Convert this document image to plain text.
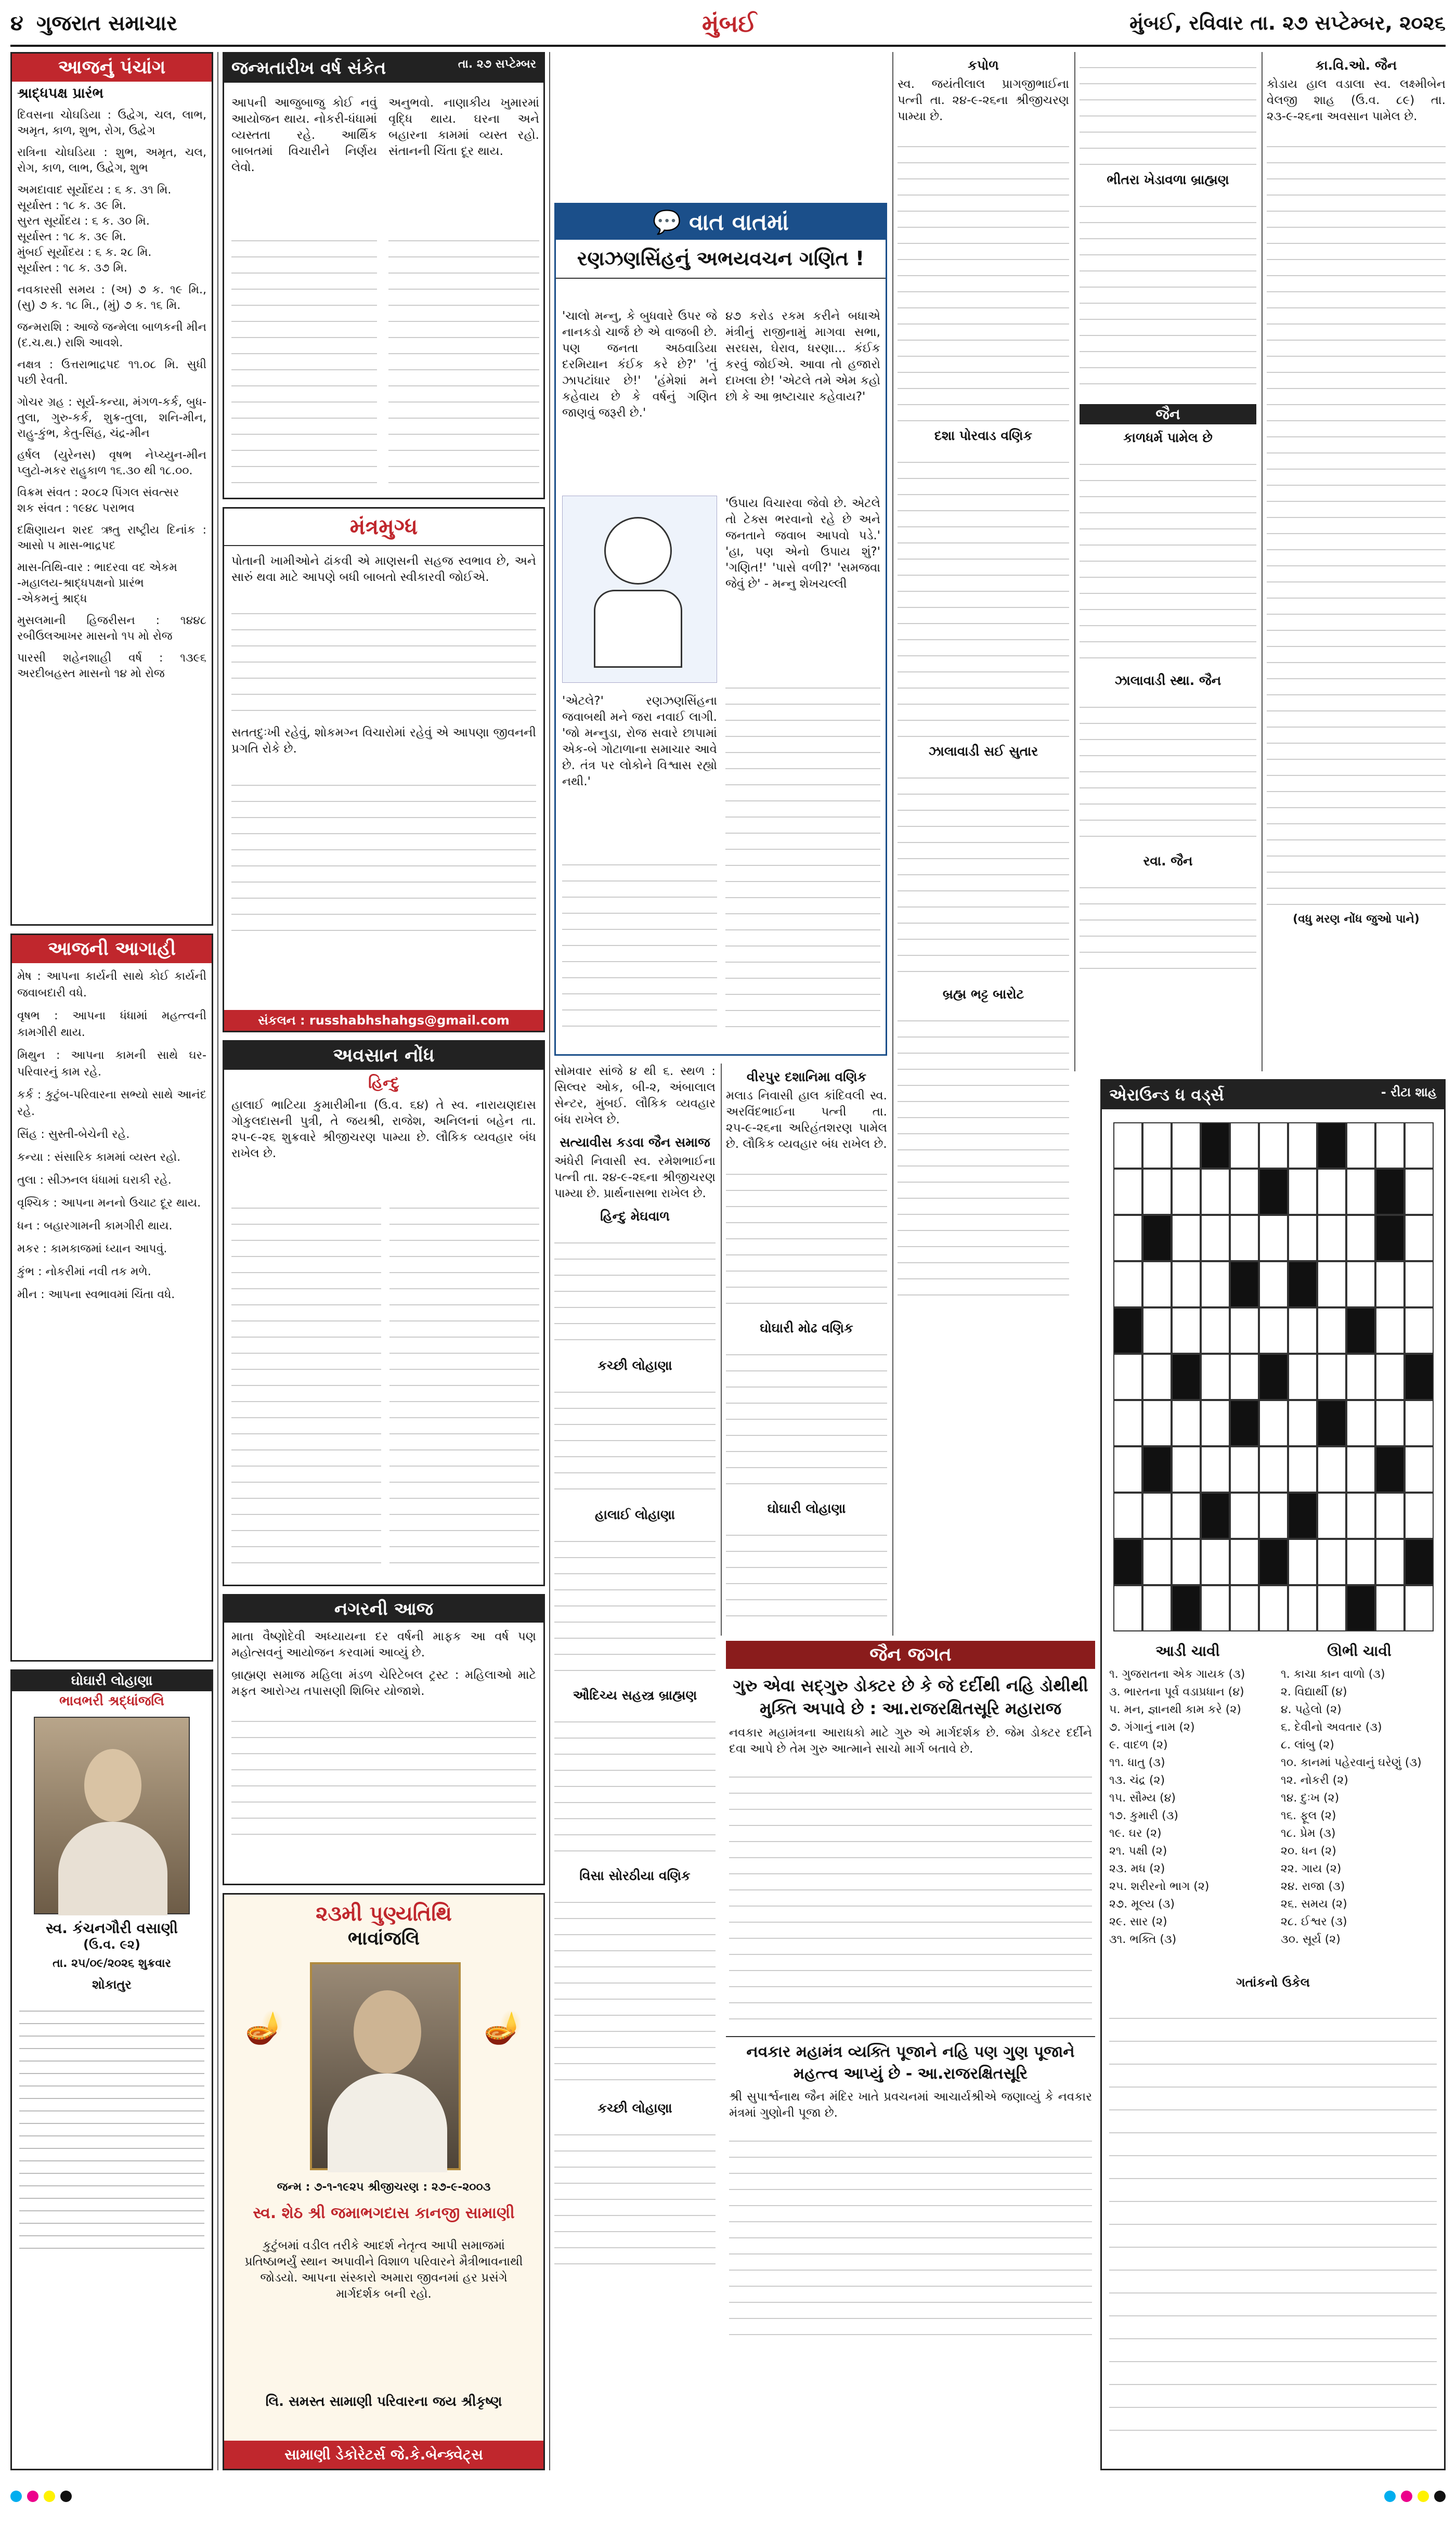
૪ ગુજરાત સમાચાર	મુંબઈ	મુંબઈ, રવિવાર તા. ૨૭ સપ્ટેમ્બર, ૨૦૨૬
આજનું પંચાંગ
શ્રાદ્ધપક્ષ પ્રારંભ
દિવસના ચોઘડિયા : ઉદ્વેગ, ચલ, લાભ, અમૃત, કાળ, શુભ, રોગ, ઉદ્વેગ
રાત્રિના ચોઘડિયા : શુભ, અમૃત, ચલ, રોગ, કાળ, લાભ, ઉદ્વેગ, શુભ
અમદાવાદ સૂર્યોદય : ૬ ક. ૩૧ મિ.
સૂર્યાસ્ત : ૧૮ ક. ૩૯ મિ.
સુરત સૂર્યોદય : ૬ ક. ૩૦ મિ.
સૂર્યાસ્ત : ૧૮ ક. ૩૯ મિ.
મુંબઈ સૂર્યોદય : ૬ ક. ૨૮ મિ.
સૂર્યાસ્ત : ૧૮ ક. ૩૭ મિ.
નવકારસી સમય : (અ) ૭ ક. ૧૯ મિ., (સુ) ૭ ક. ૧૮ મિ., (મું) ૭ ક. ૧૬ મિ.
જન્મરાશિ : આજે જન્મેલા બાળકની મીન (દ.ચ.થ.) રાશિ આવશે.
નક્ષત્ર : ઉત્તરાભાદ્રપદ ૧૧.૦૮ મિ. સુધી પછી રેવતી.
ગોચર ગ્રહ : સૂર્ય-કન્યા, મંગળ-કર્ક, બુધ-તુલા, ગુરુ-કર્ક, શુક્ર-તુલા, શનિ-મીન, રાહુ-કુંભ, કેતુ-સિંહ, ચંદ્ર-મીન
હર્ષલ (યુરેનસ) વૃષભ નેપ્ચ્યુન-મીન પ્લુટો-મકર રાહુકાળ ૧૬.૩૦ થી ૧૮.૦૦.
વિક્રમ સંવત : ૨૦૮૨ પિંગલ સંવત્સર
શક સંવત : ૧૯૪૮ પરાભવ
દક્ષિણાયન શરદ ઋતુ રાષ્ટ્રીય દિનાંક : આસો ૫ માસ-ભાદ્રપદ
માસ-તિથિ-વાર : ભાદરવા વદ એકમ
-મહાલય-શ્રાદ્ધપક્ષનો પ્રારંભ
-એકમનું શ્રાદ્ધ
મુસલમાની હિજરીસન : ૧૪૪૮ રબીઉલઆખર માસનો ૧૫ મો રોજ
પારસી શહેનશાહી વર્ષ : ૧૩૯૬ અરદીબહસ્ત માસનો ૧૪ મો રોજ
આજની આગાહી
મેષ : આપના કાર્યની સાથે કોઈ કાર્યની જવાબદારી વધે.
વૃષભ : આપના ધંધામાં મહત્ત્વની કામગીરી થાય.
મિથુન : આપના કામની સાથે ઘર-પરિવારનું કામ રહે.
કર્ક : કુટુંબ-પરિવારના સભ્યો સાથે આનંદ રહે.
સિંહ : સુસ્તી-બેચેની રહે.
કન્યા : સંસારિક કામમાં વ્યસ્ત રહો.
તુલા : સીઝનલ ધંધામાં ઘરાકી રહે.
વૃશ્ચિક : આપના મનનો ઉચાટ દૂર થાય.
ધન : બહારગામની કામગીરી થાય.
મકર : કામકાજમાં ધ્યાન આપવું.
કુંભ : નોકરીમાં નવી તક મળે.
મીન : આપના સ્વભાવમાં ચિંતા વધે.
ઘોઘારી લોહાણા
ભાવભરી શ્રદ્ધાંજલિ
સ્વ. કંચનગૌરી વસાણી
(ઉ.વ. ૯૨)
તા. ૨૫/૦૯/૨૦૨૬ શુક્રવાર
શોકાતુર
જન્મતારીખ વર્ષ સંકેત	તા. ૨૭ સપ્ટેમ્બર
આપની આજુબાજુ કોઈ નવું આયોજન થાય. નોકરી-ધંધામાં વ્યસ્તતા રહે. આર્થિક બાબતમાં વિચારીને નિર્ણય લેવો.
અનુભવો. નાણાકીય ખુમારમાં વૃદ્ધિ થાય. ઘરના અને બહારના કામમાં વ્યસ્ત રહો. સંતાનની ચિંતા દૂર થાય.
મંત્રમુગ્ધ
પોતાની ખામીઓને ઢાંકવી એ માણસની સહજ સ્વભાવ છે, અને સારું થવા માટે આપણે બધી બાબતો સ્વીકારવી જોઈએ.
સતતદુઃખી રહેવું, શોકમગ્ન વિચારોમાં રહેવું એ આપણા જીવનની પ્રગતિ રોકે છે.
સંકલન : russhabhshahgs@gmail.com
અવસાન નોંધ
હિન્દુ
હાલાઈ ભાટિયા કુમારીમીના (ઉ.વ. ૬૪) તે સ્વ. નારાયણદાસ ગોકુલદાસની પુત્રી, તે જયશ્રી, રાજેશ, અનિલનાં બહેન તા. ૨૫-૯-૨૬ શુક્રવારે શ્રીજીચરણ પામ્યા છે. લૌકિક વ્યવહાર બંધ રાખેલ છે.
નગરની આજ
માતા વૈષ્ણોદેવી અધ્યાયના દર વર્ષની માફક આ વર્ષ પણ મહોત્સવનું આયોજન કરવામાં આવ્યું છે.
બ્રાહ્મણ સમાજ મહિલા મંડળ ચેરિટેબલ ટ્રસ્ટ : મહિલાઓ માટે મફત આરોગ્ય તપાસણી શિબિર યોજાશે.
૨૩મી પુણ્યતિથિ
ભાવાંજલિ
🪔	🪔
જન્મ : ૭-૧-૧૯૨૫ શ્રીજીચરણ : ૨૭-૯-૨૦૦૩
સ્વ. શેઠ શ્રી જમાભગદાસ કાનજી સામાણી
કુટુંબમાં વડીલ તરીકે આદર્શ નેતૃત્વ આપી સમાજમાં પ્રતિષ્ઠાભર્યું સ્થાન અપાવીને વિશાળ પરિવારને મૈત્રીભાવનાથી જોડયો. આપના સંસ્કારો અમારા જીવનમાં હર પ્રસંગે માર્ગદર્શક બની રહો.
લિ. સમસ્ત સામાણી પરિવારના જય શ્રીકૃષ્ણ
સામાણી ડેકોરેટર્સ જે.કે.બેન્ક્વેટ્સ
💬 વાત વાતમાં
રણઝણસિંહનું અભયવચન ગણિત !
'ચાલો મન્નુ, કે બુધવારે ઉપર જે નાનકડો ચાર્જ છે એ વાજબી છે. પણ જનતા અઠવાડિયા દરમિયાન કંઈક કરે છે?' 'તું ઝાપટાંધાર છે!' 'હંમેશાં મને કહેવાય છે કે વર્ષનું ગણિત જાણવું જરૂરી છે.'
૪૭ કરોડ રકમ કરીને બધાએ મંત્રીનું રાજીનામું માગવા સભા, સરઘસ, ઘેરાવ, ધરણા... કંઈક કરવું જોઈએ. આવા તો હજારો દાખલા છે! 'એટલે તમે એમ કહો છો કે આ ભ્રષ્ટાચાર કહેવાય?'
'એટલે?' રણઝણસિંહના જવાબથી મને જરા નવાઈ લાગી. 'જો મન્નુડા, રોજ સવારે છાપામાં એક-બે ગોટાળાના સમાચાર આવે છે. તંત્ર પર લોકોને વિશ્વાસ રહ્યો નથી.'
'ઉપાય વિચારવા જેવો છે. એટલે તો ટેક્સ ભરવાનો રહે છે અને જનતાને જવાબ આપવો પડે.' 'હા, પણ એનો ઉપાય શું?' 'ગણિત!' 'પાસે વળી?' 'સમજવા જેવું છે' - મન્નુ શેખચલ્લી
સોમવાર સાંજે ૪ થી ૬. સ્થળ : સિલ્વર ઓક, બી-૨, અંબાલાલ સેન્ટર, મુંબઈ. લૌકિક વ્યવહાર બંધ રાખેલ છે.
સત્યાવીસ કડવા જૈન સમાજ
અંધેરી નિવાસી સ્વ. રમેશભાઈના પત્ની તા. ૨૪-૯-૨૬ના શ્રીજીચરણ પામ્યા છે. પ્રાર્થનાસભા રાખેલ છે.
હિન્દુ મેઘવાળ
કચ્છી લોહાણા
હાલાઈ લોહાણા
ઔદિચ્ય સહસ્ત્ર બ્રાહ્મણ
વિસા સોરઠીયા વણિક
કચ્છી લોહાણા
વીરપુર દશાનિમા વણિક
મલાડ નિવાસી હાલ કાંદિવલી સ્વ. અરવિંદભાઈના પત્ની તા. ૨૫-૯-૨૬ના અરિહંતશરણ પામેલ છે. લૌકિક વ્યવહાર બંધ રાખેલ છે.
ઘોઘારી મોઢ વણિક
ઘોઘારી લોહાણા
જૈન જગત
ગુરુ એવા સદ્ગુરુ ડોક્ટર છે કે જે દર્દીથી નહિ ડોથીથી મુક્તિ અપાવે છે : આ.રાજરક્ષિતસૂરિ મહારાજ
નવકાર મહામંત્રના આરાધકો માટે ગુરુ એ માર્ગદર્શક છે. જેમ ડોક્ટર દર્દીને દવા આપે છે તેમ ગુરુ આત્માને સાચો માર્ગ બતાવે છે.
નવકાર મહામંત્ર વ્યક્તિ પૂજાને નહિ પણ ગુણ પૂજાને મહત્ત્વ આપ્યું છે - આ.રાજરક્ષિતસૂરિ
શ્રી સુપાર્શ્વનાથ જૈન મંદિર ખાતે પ્રવચનમાં આચાર્યશ્રીએ જણાવ્યું કે નવકાર મંત્રમાં ગુણોની પૂજા છે.
કપોળ
સ્વ. જયંતીલાલ પ્રાગજીભાઈના પત્ની તા. ૨૪-૯-૨૬ના શ્રીજીચરણ પામ્યા છે.
દશા પોરવાડ વણિક
ઝાલાવાડી સઈ સુતાર
બ્રહ્મ ભટ્ટ બારોટ
ભીતરા ખેડાવળા બ્રાહ્મણ
જૈન
કાળધર્મ પામેલ છે
ઝાલાવાડી સ્થા. જૈન
રવા. જૈન
કા.વિ.ઓ. જૈન
કોડાય હાલ વડાલા સ્વ. લક્ષ્મીબેન વેલજી શાહ (ઉ.વ. ૮૯) તા. ૨૩-૯-૨૬ના અવસાન પામેલ છે.
(વધુ મરણ નોંધ જુઓ પાને)
એરાઉન્ડ ધ વર્ડ્સ	- રીટા શાહ
આડી ચાવી	ઊભી ચાવી
૧. ગુજરાતના એક ગાયક (૩)
૩. ભારતના પૂર્વ વડાપ્રધાન (૪)
૫. મન, જ્ઞાનથી કામ કરે (૨)
૭. ગંગાનું નામ (૨)
૯. વાદળ (૨)
૧૧. ધાતુ (૩)
૧૩. ચંદ્ર (૨)
૧૫. સૌમ્ય (૪)
૧૭. કુમારી (૩)
૧૯. ઘર (૨)
૨૧. પક્ષી (૨)
૨૩. મધ (૨)
૨૫. શરીરનો ભાગ (૨)
૨૭. મૂલ્ય (૩)
૨૯. સાર (૨)
૩૧. ભક્તિ (૩)
૧. કાચા કાન વાળો (૩)
૨. વિદ્યાર્થી (૪)
૪. પહેલો (૨)
૬. દેવીનો અવતાર (૩)
૮. લાંબુ (૨)
૧૦. કાનમાં પહેરવાનું ઘરેણું (૩)
૧૨. નોકરી (૨)
૧૪. દુઃખ (૨)
૧૬. ફૂલ (૨)
૧૮. પ્રેમ (૩)
૨૦. ધન (૨)
૨૨. ગાય (૨)
૨૪. રાજા (૩)
૨૬. સમય (૨)
૨૮. ઈશ્વર (૩)
૩૦. સૂર્ય (૨)
ગતાંકનો ઉકેલ
